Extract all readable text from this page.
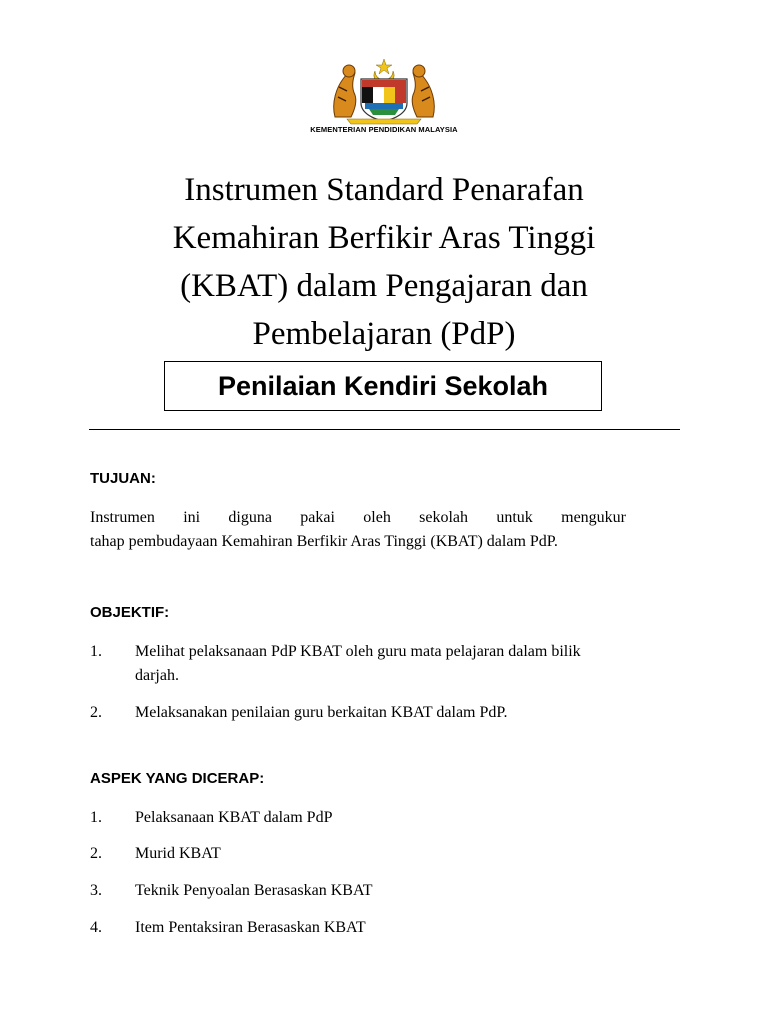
KEMENTERIAN PENDIDIKAN MALAYSIA
Instrumen Standard Penarafan
Kemahiran Berfikir Aras Tinggi
(KBAT) dalam Pengajaran dan
Pembelajaran (PdP)
Penilaian Kendiri Sekolah
TUJUAN:
Instrumen ini diguna pakai oleh sekolah untuk mengukur
tahap pembudayaan Kemahiran Berfikir Aras Tinggi (KBAT) dalam PdP.
OBJEKTIF:
1. Melihat pelaksanaan PdP KBAT oleh guru mata pelajaran dalam bilik
darjah.
2. Melaksanakan penilaian guru berkaitan KBAT dalam PdP.
ASPEK YANG DICERAP:
1. Pelaksanaan KBAT dalam PdP
2. Murid KBAT
3. Teknik Penyoalan Berasaskan KBAT
4. Item Pentaksiran Berasaskan KBAT
